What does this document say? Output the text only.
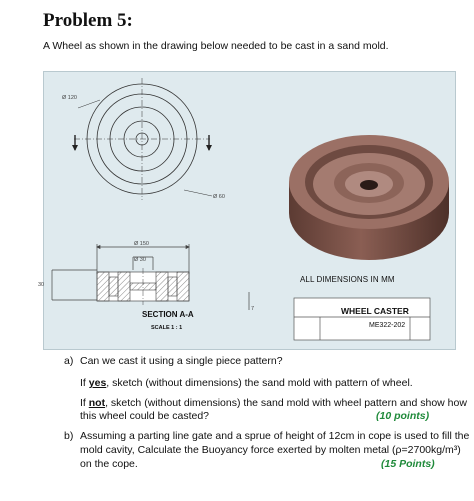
Problem 5:
A Wheel as shown in the drawing below needed to be cast in a sand mold.
Ø 120
Ø 60
Ø 150
Ø 30
30
7
SECTION A-A
SCALE 1 : 1
ALL DIMENSIONS IN MM
WHEEL CASTER
ME322-202
a) Can we cast it using a single piece pattern?
If yes, sketch (without dimensions) the sand mold with pattern of wheel.
If not, sketch (without dimensions) the sand mold with wheel pattern and show how
this wheel could be casted?	(10 points)
b) Assuming a parting line gate and a sprue of height of 12cm in cope is used to fill the
mold cavity, Calculate the Buoyancy force exerted by molten metal (ρ=2700kg/m³)
on the cope.	(15 Points)
